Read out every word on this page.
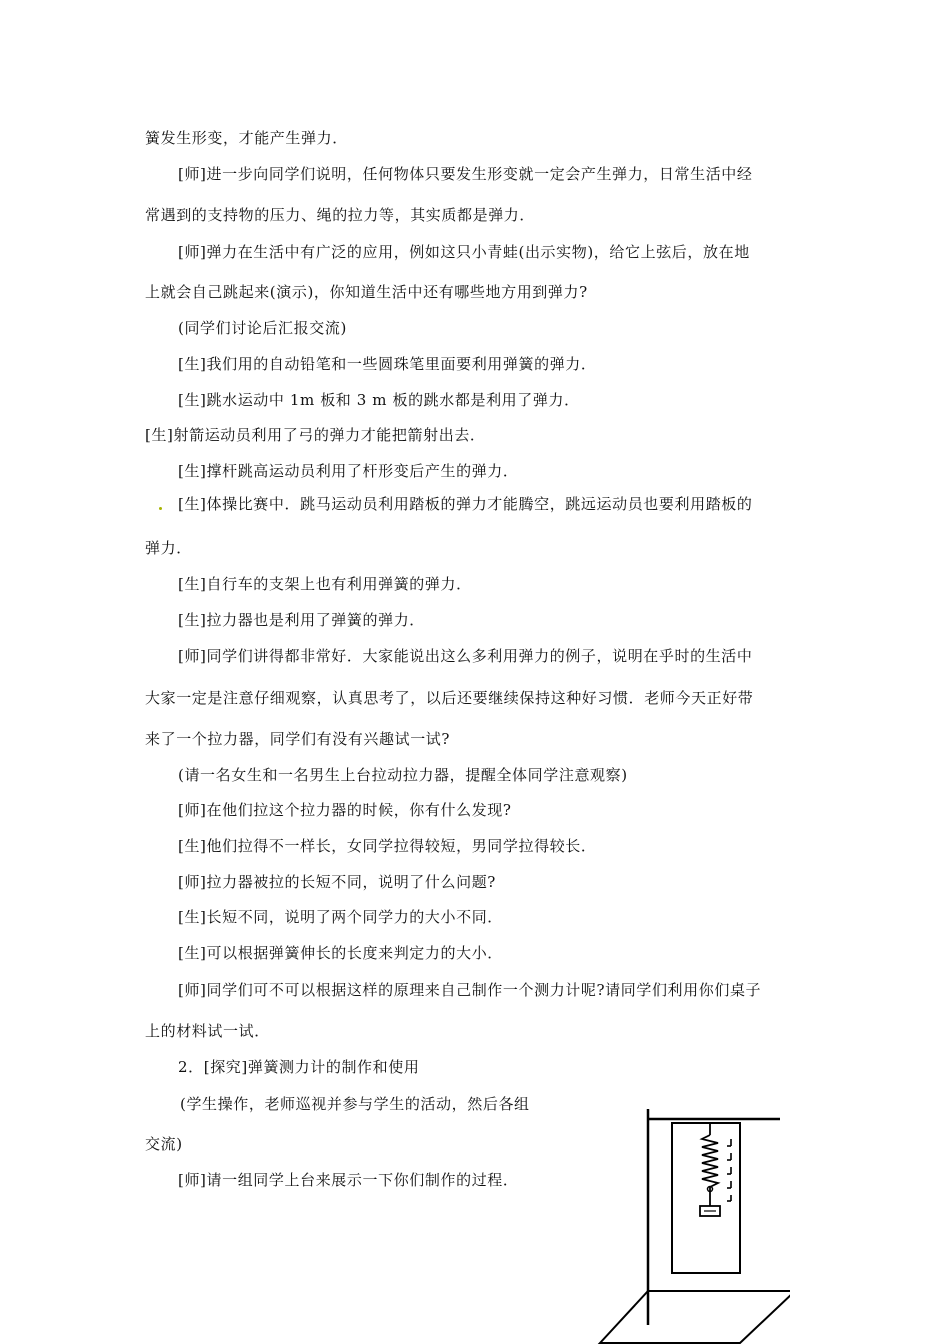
簧发生形变，才能产生弹力．
[师]进一步向同学们说明，任何物体只要发生形变就一定会产生弹力，日常生活中经
常遇到的支持物的压力、绳的拉力等，其实质都是弹力．
[师]弹力在生活中有广泛的应用，例如这只小青蛙(出示实物)，给它上弦后，放在地
上就会自己跳起来(演示)，你知道生活中还有哪些地方用到弹力?
(同学们讨论后汇报交流)
[生]我们用的自动铅笔和一些圆珠笔里面要利用弹簧的弹力．
[生]跳水运动中 1m 板和 3 m 板的跳水都是利用了弹力．
[生]射箭运动员利用了弓的弹力才能把箭射出去．
[生]撑杆跳高运动员利用了杆形变后产生的弹力．
[生]体操比赛中．跳马运动员利用踏板的弹力才能腾空，跳远运动员也要利用踏板的
弹力．
[生]自行车的支架上也有利用弹簧的弹力．
[生]拉力器也是利用了弹簧的弹力．
[师]同学们讲得都非常好．大家能说出这么多利用弹力的例子，说明在乎时的生活中
大家一定是注意仔细观察，认真思考了，以后还要继续保持这种好习惯．老师今天正好带
来了一个拉力器，同学们有没有兴趣试一试?
(请一名女生和一名男生上台拉动拉力器，提醒全体同学注意观察)
[师]在他们拉这个拉力器的时候，你有什么发现?
[生]他们拉得不一样长，女同学拉得较短，男同学拉得较长．
[师]拉力器被拉的长短不同，说明了什么问题?
[生]长短不同，说明了两个同学力的大小不同．
[生]可以根据弹簧伸长的长度来判定力的大小．
[师]同学们可不可以根据这样的原理来自己制作一个测力计呢?请同学们利用你们桌子
上的材料试一试．
2．[探究]弹簧测力计的制作和使用
(学生操作，老师巡视并参与学生的活动，然后各组
交流)
[师]请一组同学上台来展示一下你们制作的过程．
